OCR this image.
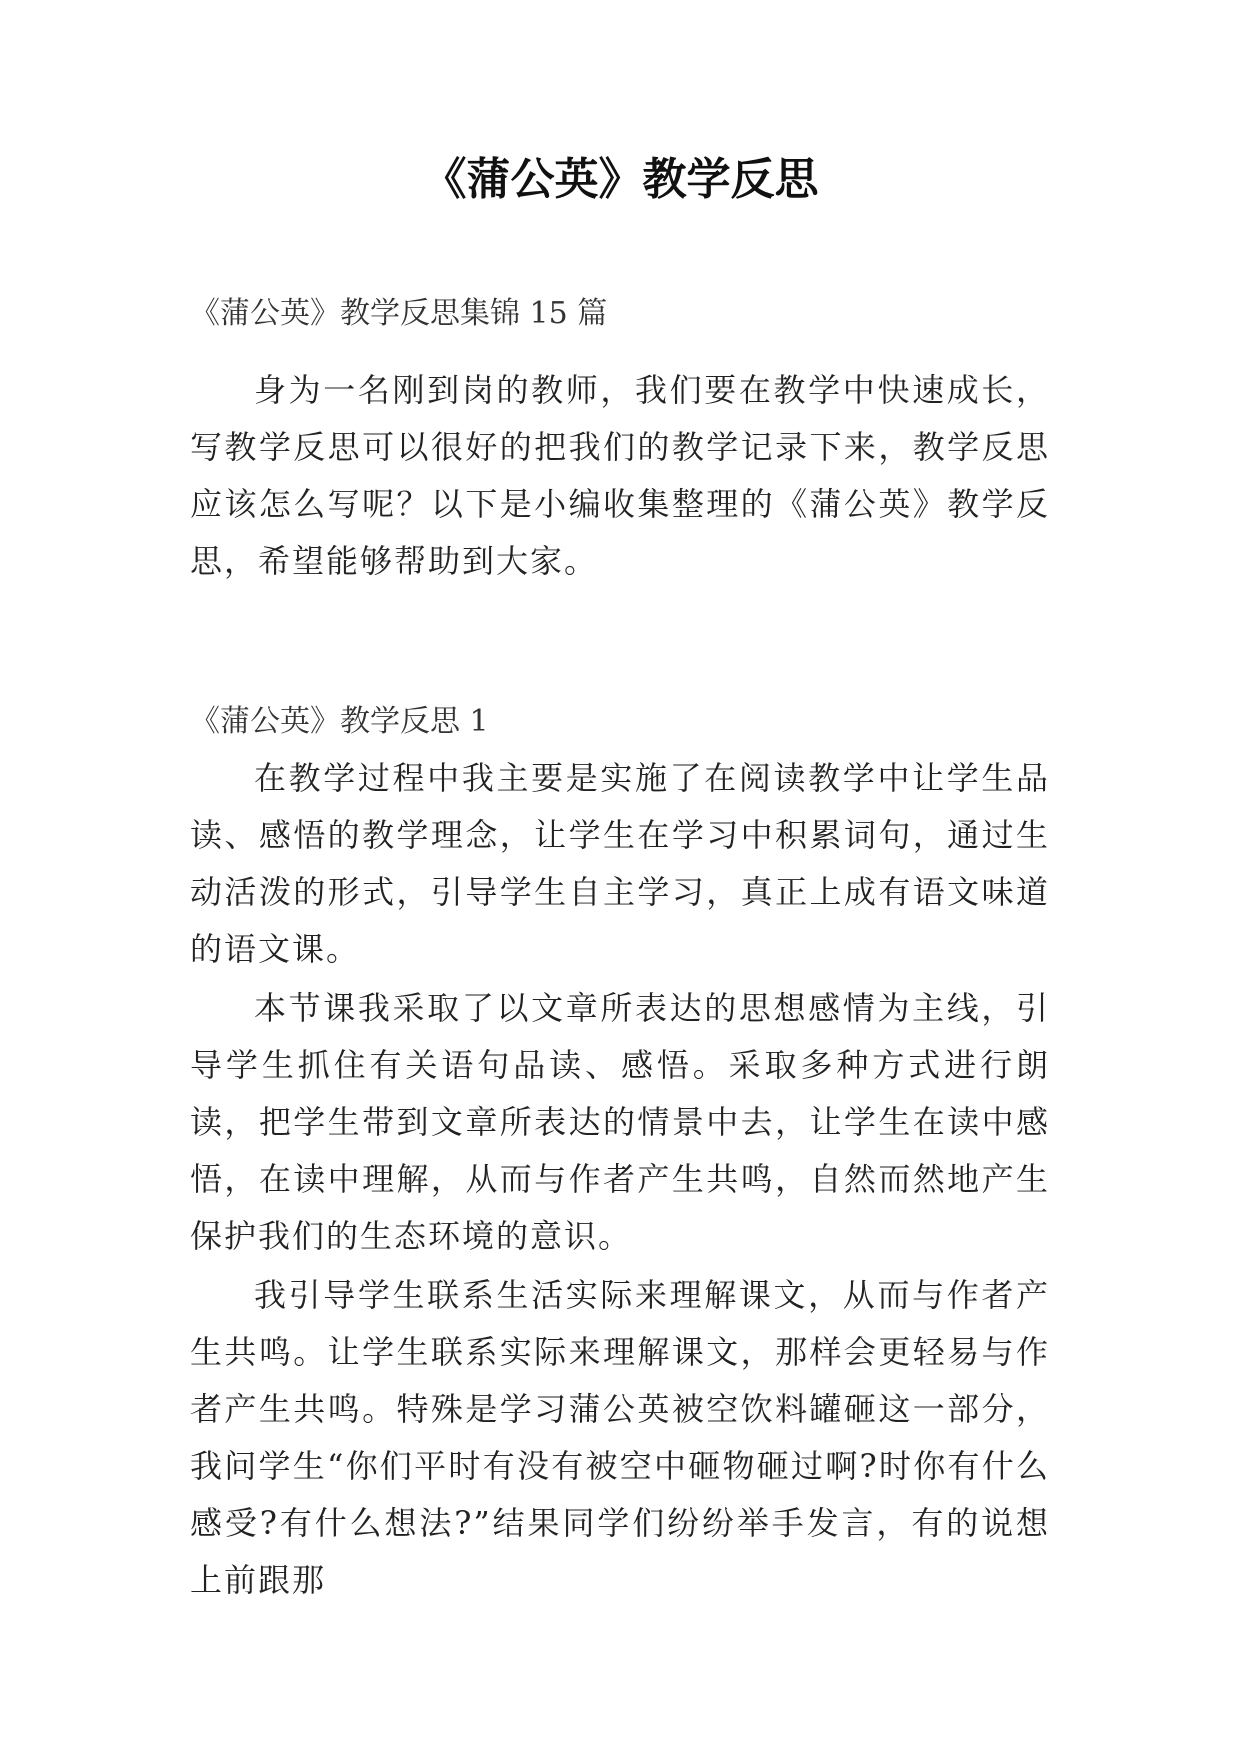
《蒲公英》教学反思

《蒲公英》教学反思集锦 15 篇

身为一名刚到岗的教师，我们要在教学中快速成长，写教学反思可以很好的把我们的教学记录下来，教学反思应该怎么写呢？以下是小编收集整理的《蒲公英》教学反思，希望能够帮助到大家。

《蒲公英》教学反思 1

在教学过程中我主要是实施了在阅读教学中让学生品读、感悟的教学理念，让学生在学习中积累词句，通过生动活泼的形式，引导学生自主学习，真正上成有语文味道的语文课。

本节课我采取了以文章所表达的思想感情为主线，引导学生抓住有关语句品读、感悟。采取多种方式进行朗读，把学生带到文章所表达的情景中去，让学生在读中感悟，在读中理解，从而与作者产生共鸣，自然而然地产生保护我们的生态环境的意识。

我引导学生联系生活实际来理解课文，从而与作者产生共鸣。让学生联系实际来理解课文，那样会更轻易与作者产生共鸣。特殊是学习蒲公英被空饮料罐砸这一部分，我问学生“你们平时有没有被空中砸物砸过啊?时你有什么感受?有什么想法?”结果同学们纷纷举手发言，有的说想上前跟那
